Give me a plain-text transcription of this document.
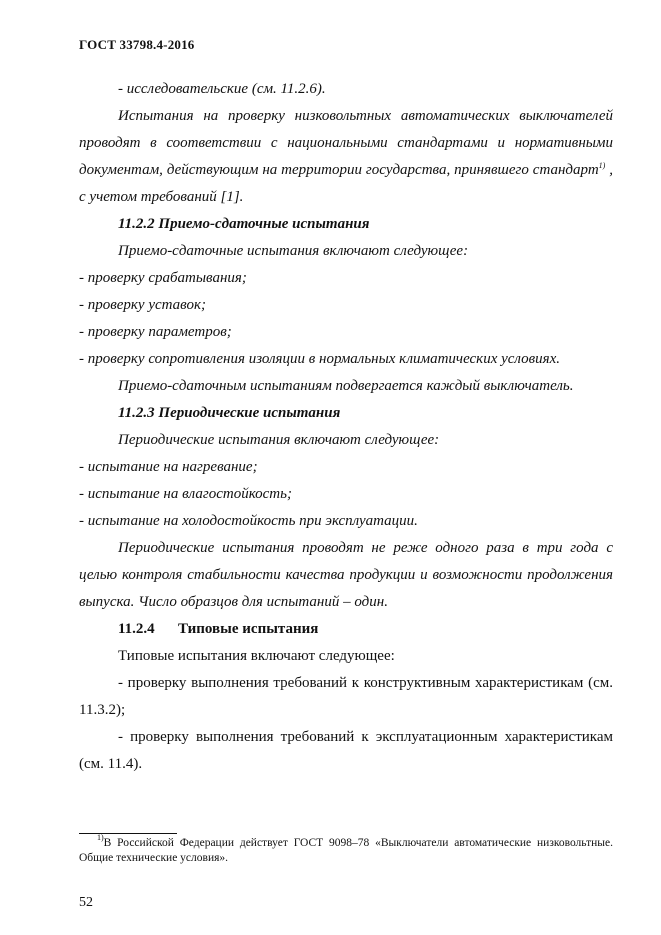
ГОСТ 33798.4-2016

- исследовательские (см. 11.2.6).

Испытания на проверку низковольтных автоматических выключателей проводят в соответствии с национальными стандартами и нормативными документам, действующим на территории государства, принявшего стандарт$^{1)}$ , с учетом требований [1].

11.2.2 Приемо-сдаточные испытания

Приемо-сдаточные испытания включают следующее:

- проверку срабатывания;

- проверку уставок;

- проверку параметров;

- проверку сопротивления изоляции в нормальных климатических условиях.

Приемо-сдаточным испытаниям подвергается каждый выключатель.

11.2.3 Периодические испытания

Периодические испытания включают следующее:

- испытание на нагревание;

- испытание на влагостойкость;

- испытание на холодостойкость при эксплуатации.

Периодические испытания проводят не реже одного раза в три года с целью контроля стабильности качества продукции и возможности продолжения выпуска. Число образцов для испытаний – один.

11.2.4	Типовые испытания

Типовые испытания включают следующее:

- проверку выполнения требований к конструктивным характеристикам (см. 11.3.2);

- проверку выполнения требований к эксплуатационным характеристикам (см. 11.4).

$^{1)}$В Российской Федерации действует ГОСТ 9098–78 «Выключатели автоматические низковольтные. Общие технические условия».
52
